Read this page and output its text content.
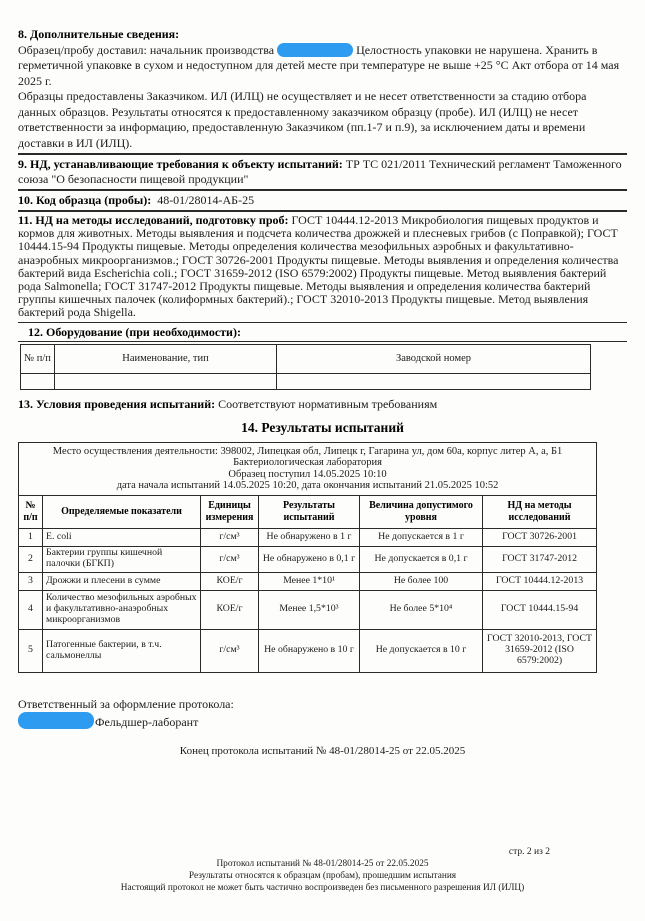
8. Дополнительные сведения:

Образец/пробу доставил: начальник производства	Целостность упаковки не нарушена. Хранить в герметичной упаковке в сухом и недоступном для детей месте при температуре не выше +25 °C Акт отбора от 14 мая 2025 г.

Образцы предоставлены Заказчиком. ИЛ (ИЛЦ) не осуществляет и не несет ответственности за стадию отбора данных образцов. Результаты относятся к предоставленному заказчиком образцу (пробе). ИЛ (ИЛЦ) не несет ответственности за информацию, предоставленную Заказчиком (пп.1-7 и п.9), за исключением даты и времени доставки в ИЛ (ИЛЦ).

9. НД, устанавливающие требования к объекту испытаний: ТР ТС 021/2011 Технический регламент Таможенного союза "О безопасности пищевой продукции"

10. Код образца (пробы): 48-01/28014-АБ-25

11. НД на методы исследований, подготовку проб: ГОСТ 10444.12-2013 Микробиология пищевых продуктов и кормов для животных. Методы выявления и подсчета количества дрожжей и плесневых грибов (с Поправкой); ГОСТ 10444.15-94 Продукты пищевые. Методы определения количества мезофильных аэробных и факультативно-анаэробных микроорганизмов.; ГОСТ 30726-2001 Продукты пищевые. Методы выявления и определения количества бактерий вида Escherichia coli.; ГОСТ 31659-2012 (ISO 6579:2002) Продукты пищевые. Метод выявления бактерий рода Salmonella; ГОСТ 31747-2012 Продукты пищевые. Методы выявления и определения количества бактерий группы кишечных палочек (колиформных бактерий).; ГОСТ 32010-2013 Продукты пищевые. Метод выявления бактерий рода Shigella.

12. Оборудование (при необходимости):

№ п/п	Наименование, тип	Заводской номер

13. Условия проведения испытаний: Соответствуют нормативным требованиям

14. Результаты испытаний

Место осуществления деятельности: 398002, Липецкая обл, Липецк г, Гагарина ул, дом 60а, корпус литер А, а, Б1
Бактериологическая лаборатория
Образец поступил 14.05.2025 10:10
дата начала испытаний 14.05.2025 10:20, дата окончания испытаний 21.05.2025 10:52					

№ п/п	Определяемые показатели	Единицы измерения	Результаты испытаний	Величина допустимого уровня	НД на методы исследований
1	E. coli	г/см³	Не обнаружено в 1 г	Не допускается в 1 г	ГОСТ 30726-2001
2	Бактерии группы кишечной палочки (БГКП)	г/см³	Не обнаружено в 0,1 г	Не допускается в 0,1 г	ГОСТ 31747-2012
3	Дрожжи и плесени в сумме	КОЕ/г	Менее 1*10¹	Не более 100	ГОСТ 10444.12-2013
4	Количество мезофильных аэробных и факультативно-анаэробных микроорганизмов	КОЕ/г	Менее 1,5*10³	Не более 5*10⁴	ГОСТ 10444.15-94
5	Патогенные бактерии, в т.ч. сальмонеллы	г/см³	Не обнаружено в 10 г	Не допускается в 10 г	ГОСТ 32010-2013, ГОСТ 31659-2012 (ISO 6579:2002)

Ответственный за оформление протокола:

Фельдшер-лаборант

Конец протокола испытаний № 48-01/28014-25 от 22.05.2025

стр. 2 из 2
Протокол испытаний № 48-01/28014-25 от 22.05.2025
Результаты относятся к образцам (пробам), прошедшим испытания
Настоящий протокол не может быть частично воспроизведен без письменного разрешения ИЛ (ИЛЦ)
